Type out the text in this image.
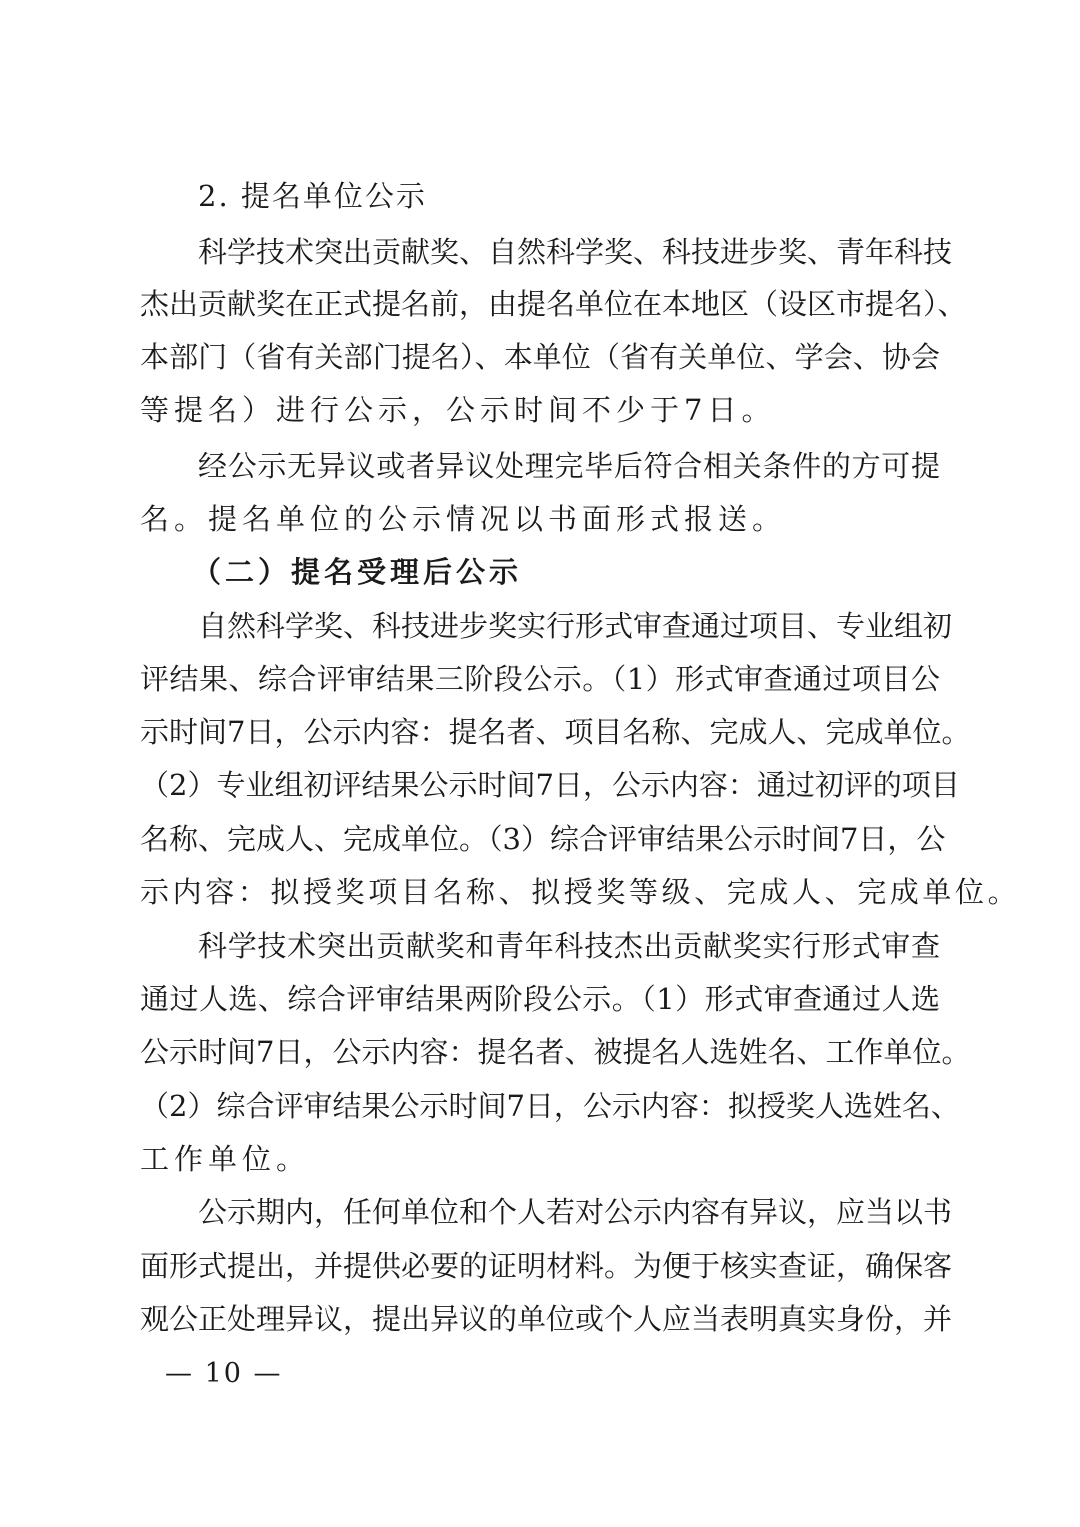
2. 提名单位公示
科学技术突出贡献奖、自然科学奖、科技进步奖、青年科技
杰出贡献奖在正式提名前，由提名单位在本地区（设区市提名）、
本部门（省有关部门提名）、本单位（省有关单位、学会、协会
等提名）进行公示，公示时间不少于7日。
经公示无异议或者异议处理完毕后符合相关条件的方可提
名。提名单位的公示情况以书面形式报送。
（二）提名受理后公示
自然科学奖、科技进步奖实行形式审查通过项目、专业组初
评结果、综合评审结果三阶段公示。（1）形式审查通过项目公
示时间7日，公示内容：提名者、项目名称、完成人、完成单位。
（2）专业组初评结果公示时间7日，公示内容：通过初评的项目
名称、完成人、完成单位。（3）综合评审结果公示时间7日，公
示内容：拟授奖项目名称、拟授奖等级、完成人、完成单位。
科学技术突出贡献奖和青年科技杰出贡献奖实行形式审查
通过人选、综合评审结果两阶段公示。（1）形式审查通过人选
公示时间7日，公示内容：提名者、被提名人选姓名、工作单位。
（2）综合评审结果公示时间7日，公示内容：拟授奖人选姓名、
工作单位。
公示期内，任何单位和个人若对公示内容有异议，应当以书
面形式提出，并提供必要的证明材料。为便于核实查证，确保客
观公正处理异议，提出异议的单位或个人应当表明真实身份，并
— 10 —
